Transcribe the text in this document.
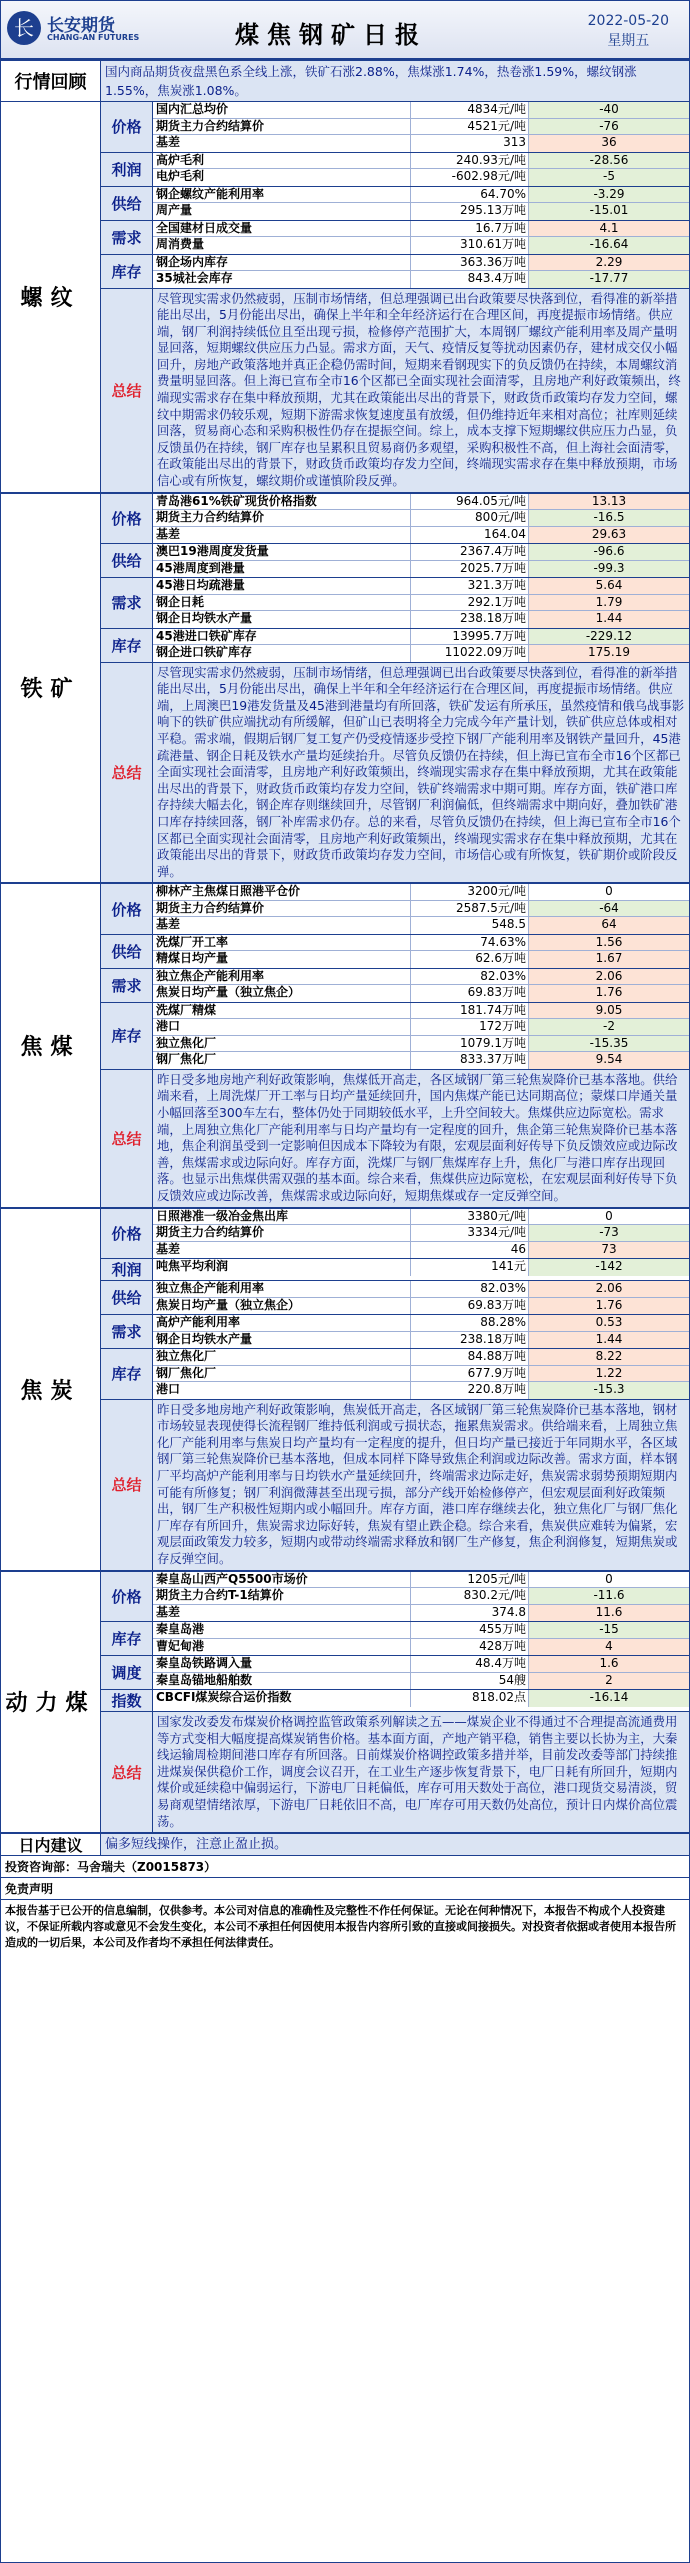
长 长安期货
CHANG-AN FUTURES	煤焦钢矿日报	2022-05-20
星期五
行情回顾
国内商品期货夜盘黑色系全线上涨，铁矿石涨2.88%，焦煤涨1.74%，热卷涨1.59%，螺纹钢涨1.55%，焦炭涨1.08%。
螺纹
价格
国内汇总均价	4834元/吨	-40
期货主力合约结算价	4521元/吨	-76
基差	313	36
利润
高炉毛利	240.93元/吨	-28.56
电炉毛利	-602.98元/吨	-5
供给
钢企螺纹产能利用率	64.70%	-3.29
周产量	295.13万吨	-15.01
需求
全国建材日成交量	16.7万吨	4.1
周消费量	310.61万吨	-16.64
库存
钢企场内库存	363.36万吨	2.29
35城社会库存	843.4万吨	-17.77
总结
尽管现实需求仍然疲弱，压制市场情绪，但总理强调已出台政策要尽快落到位，看得准的新举措能出尽出，5月份能出尽出，确保上半年和全年经济运行在合理区间，再度提振市场情绪。供应端，钢厂利润持续低位且至出现亏损，检修停产范围扩大，本周钢厂螺纹产能利用率及周产量明显回落，短期螺纹供应压力凸显。需求方面，天气、疫情反复等扰动因素仍存，建材成交仅小幅回升，房地产政策落地并真正企稳仍需时间，短期来看钢现实下的负反馈仍在持续，本周螺纹消费量明显回落。但上海已宣布全市16个区都已全面实现社会面清零，且房地产利好政策频出，终端现实需求存在集中释放预期，尤其在政策能出尽出的背景下，财政货币政策均存发力空间，螺纹中期需求仍较乐观，短期下游需求恢复速度虽有放缓，但仍维持近年来相对高位；社库则延续回落，贸易商心态和采购积极性仍存在提振空间。综上，成本支撑下短期螺纹供应压力凸显，负反馈虽仍在持续，钢厂库存也呈累积且贸易商仍多观望，采购积极性不高，但上海社会面清零，在政策能出尽出的背景下，财政货币政策均存发力空间，终端现实需求存在集中释放预期，市场信心或有所恢复，螺纹期价或谨慎阶段反弹。
铁矿
价格
青岛港61%铁矿现货价格指数	964.05元/吨	13.13
期货主力合约结算价	800元/吨	-16.5
基差	164.04	29.63
供给
澳巴19港周度发货量	2367.4万吨	-96.6
45港周度到港量	2025.7万吨	-99.3
需求
45港日均疏港量	321.3万吨	5.64
钢企日耗	292.1万吨	1.79
钢企日均铁水产量	238.18万吨	1.44
库存
45港进口铁矿库存	13995.7万吨	-229.12
钢企进口铁矿库存	11022.09万吨	175.19
总结
尽管现实需求仍然疲弱，压制市场情绪，但总理强调已出台政策要尽快落到位，看得准的新举措能出尽出，5月份能出尽出，确保上半年和全年经济运行在合理区间，再度提振市场情绪。供应端，上周澳巴19港发货量及45港到港量均有所回落，铁矿发运有所承压，虽然疫情和俄乌战事影响下的铁矿供应端扰动有所缓解，但矿山已表明将全力完成今年产量计划，铁矿供应总体或相对平稳。需求端，假期后钢厂复工复产仍受疫情逐步受控下钢厂产能利用率及钢铁产量回升，45港疏港量、钢企日耗及铁水产量均延续抬升。尽管负反馈仍在持续，但上海已宣布全市16个区都已全面实现社会面清零，且房地产利好政策频出，终端现实需求存在集中释放预期，尤其在政策能出尽出的背景下，财政货币政策均存发力空间，铁矿终端需求中期可期。库存方面，铁矿港口库存持续大幅去化，钢企库存则继续回升，尽管钢厂利润偏低，但终端需求中期向好，叠加铁矿港口库存持续回落，钢厂补库需求仍存。总的来看，尽管负反馈仍在持续，但上海已宣布全市16个区都已全面实现社会面清零，且房地产利好政策频出，终端现实需求存在集中释放预期，尤其在政策能出尽出的背景下，财政货币政策均存发力空间，市场信心或有所恢复，铁矿期价或阶段反弹。
焦煤
价格
柳林产主焦煤日照港平仓价	3200元/吨	0
期货主力合约结算价	2587.5元/吨	-64
基差	548.5	64
供给
洗煤厂开工率	74.63%	1.56
精煤日均产量	62.6万吨	1.67
需求
独立焦企产能利用率	82.03%	2.06
焦炭日均产量（独立焦企）	69.83万吨	1.76
库存
洗煤厂精煤	181.74万吨	9.05
港口	172万吨	-2
独立焦化厂	1079.1万吨	-15.35
钢厂焦化厂	833.37万吨	9.54
总结
昨日受多地房地产利好政策影响，焦煤低开高走，各区域钢厂第三轮焦炭降价已基本落地。供给端来看，上周洗煤厂开工率与日均产量延续回升，国内焦煤产能已达同期高位；蒙煤口岸通关量小幅回落至300车左右，整体仍处于同期较低水平，上升空间较大。焦煤供应边际宽松。需求端，上周独立焦化厂产能利用率与日均产量均有一定程度的回升，焦企第三轮焦炭降价已基本落地，焦企利润虽受到一定影响但因成本下降较为有限，宏观层面利好传导下负反馈效应或边际改善，焦煤需求或边际向好。库存方面，洗煤厂与钢厂焦煤库存上升，焦化厂与港口库存出现回落。也显示出焦煤供需双强的基本面。综合来看，焦煤供应边际宽松，在宏观层面利好传导下负反馈效应或边际改善，焦煤需求或边际向好，短期焦煤或存一定反弹空间。
焦炭
价格
日照港准一级冶金焦出库	3380元/吨	0
期货主力合约结算价	3334元/吨	-73
基差	46	73
利润	吨焦平均利润	141元	-142
供给
独立焦企产能利用率	82.03%	2.06
焦炭日均产量（独立焦企）	69.83万吨	1.76
需求
高炉产能利用率	88.28%	0.53
钢企日均铁水产量	238.18万吨	1.44
库存
独立焦化厂	84.88万吨	8.22
钢厂焦化厂	677.9万吨	1.22
港口	220.8万吨	-15.3
总结
昨日受多地房地产利好政策影响，焦炭低开高走，各区域钢厂第三轮焦炭降价已基本落地，钢材市场较显表现使得长流程钢厂维持低利润或亏损状态，拖累焦炭需求。供给端来看，上周独立焦化厂产能利用率与焦炭日均产量均有一定程度的提升，但日均产量已接近于年同期水平，各区域钢厂第三轮焦炭降价已基本落地，但成本同样下降导致焦企利润或边际改善。需求方面，样本钢厂平均高炉产能利用率与日均铁水产量延续回升，终端需求边际走好，焦炭需求弱势预期短期内可能有所修复；钢厂利润微薄甚至出现亏损，部分产线开始检修停产，但宏观层面利好政策频出，钢厂生产积极性短期内或小幅回升。库存方面，港口库存继续去化，独立焦化厂与钢厂焦化厂库存有所回升，焦炭需求边际好转，焦炭有望止跌企稳。综合来看，焦炭供应难转为偏紧，宏观层面政策发力较多，短期内或带动终端需求释放和钢厂生产修复，焦企利润修复，短期焦炭或存反弹空间。
动力煤
价格
秦皇岛山西产Q5500市场价	1205元/吨	0
期货主力合约T-1结算价	830.2元/吨	-11.6
基差	374.8	11.6
库存
秦皇岛港	455万吨	-15
曹妃甸港	428万吨	4
调度
秦皇岛铁路调入量	48.4万吨	1.6
秦皇岛锚地船舶数	54艘	2
指数	CBCFI煤炭综合运价指数	818.02点	-16.14
总结
国家发改委发布煤炭价格调控监管政策系列解读之五——煤炭企业不得通过不合理提高流通费用等方式变相大幅度提高煤炭销售价格。基本面方面，产地产销平稳，销售主要以长协为主，大秦线运输周检期间港口库存有所回落。日前煤炭价格调控政策多措并举，目前发改委等部门持续推进煤炭保供稳价工作，调度会议召开，在工业生产逐步恢复背景下，电厂日耗有所回升，短期内煤价或延续稳中偏弱运行，下游电厂日耗偏低，库存可用天数处于高位，港口现货交易清淡，贸易商观望情绪浓厚，下游电厂日耗依旧不高，电厂库存可用天数仍处高位，预计日内煤价高位震荡。
日内建议	偏多短线操作，注意止盈止损。
投资咨询部：马舍瑞夫（Z0015873）
免责声明
本报告基于已公开的信息编制，仅供参考。本公司对信息的准确性及完整性不作任何保证。无论在何种情况下，本报告不构成个人投资建议，不保证所载内容或意见不会发生变化，本公司不承担任何因使用本报告内容所引致的直接或间接损失。对投资者依据或者使用本报告所造成的一切后果，本公司及作者均不承担任何法律责任。
